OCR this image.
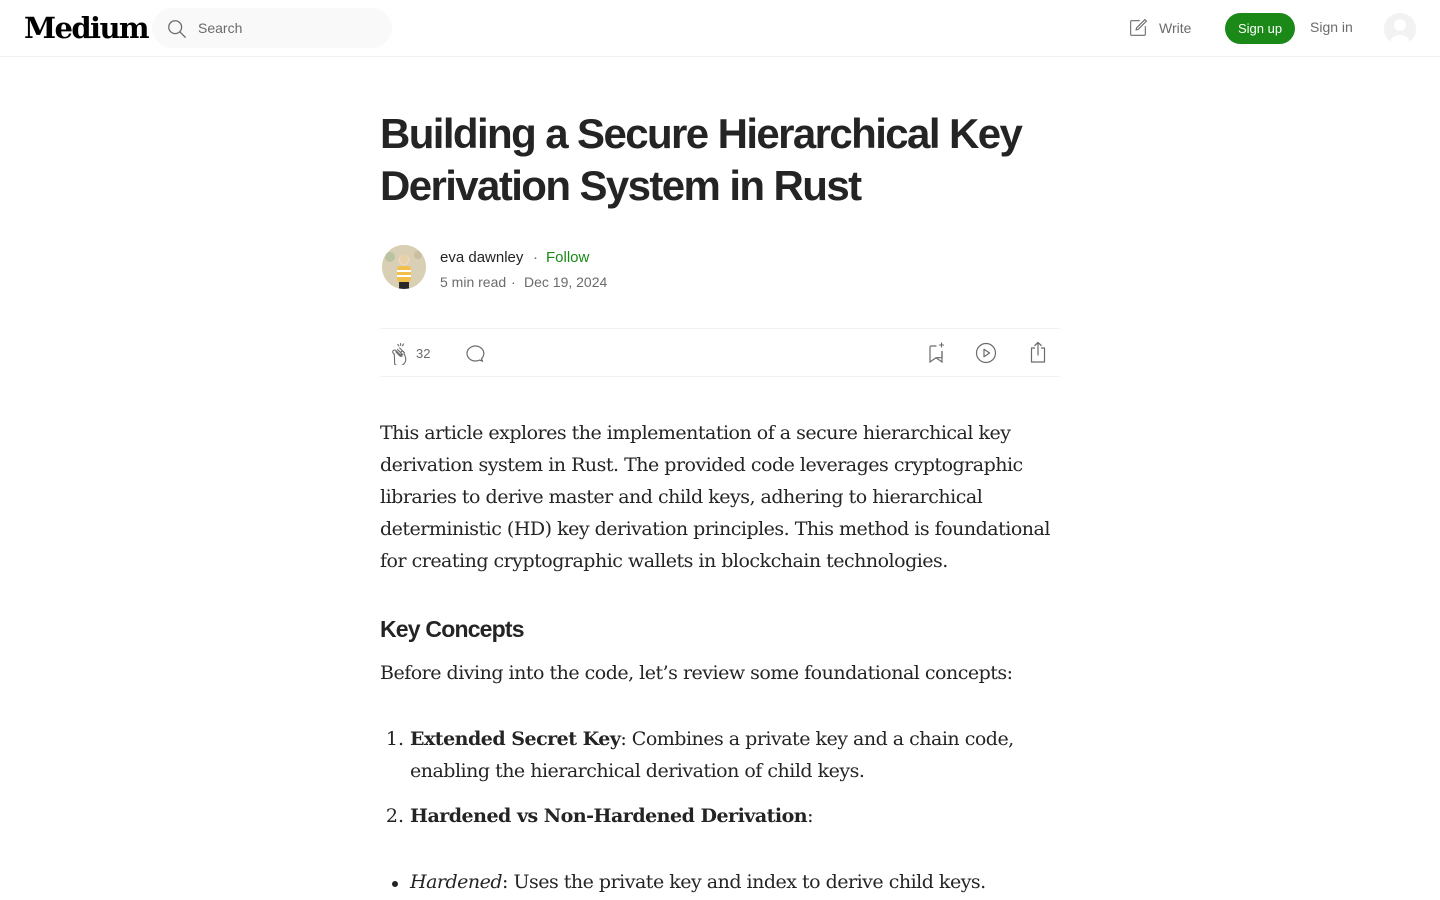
Medium
Search	Write	Sign up	Sign in
Building a Secure Hierarchical Key Derivation System in Rust
eva dawnley · Follow
5 min read · Dec 19, 2024
32

This article explores the implementation of a secure hierarchical key derivation system in Rust. The provided code leverages cryptographic libraries to derive master and child keys, adhering to hierarchical deterministic (HD) key derivation principles. This method is foundational for creating cryptographic wallets in blockchain technologies.

Key Concepts

Before diving into the code, let’s review some foundational concepts:

1. Extended Secret Key: Combines a private key and a chain code, enabling the hierarchical derivation of child keys.
2. Hardened vs Non-Hardened Derivation:
Hardened: Uses the private key and index to derive child keys.
